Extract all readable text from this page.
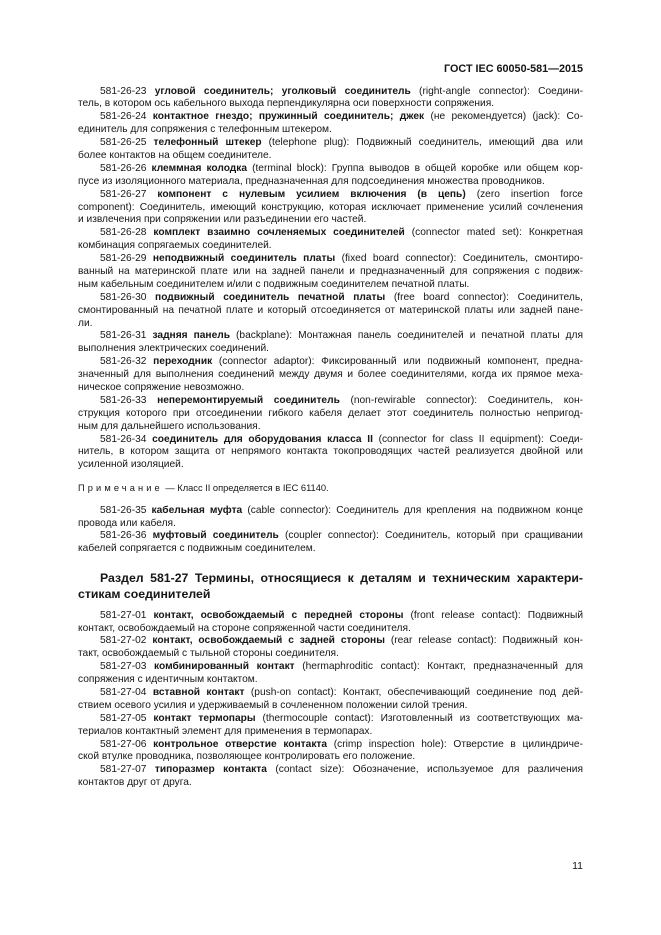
ГОСТ IEC 60050-581—2015
581-26-23 угловой соединитель; уголковый соединитель (right-angle connector): Соедини-
тель, в котором ось кабельного выхода перпендикулярна оси поверхности сопряжения.
581-26-24 контактное гнездо; пружинный соединитель; джек (не рекомендуется) (jack): Со-
единитель для сопряжения с телефонным штекером.
581-26-25 телефонный штекер (telephone plug): Подвижный соединитель, имеющий два или
более контактов на общем соединителе.
581-26-26 клеммная колодка (terminal block): Группа выводов в общей коробке или общем кор-
пусе из изоляционного материала, предназначенная для подсоединения множества проводников.
581-26-27 компонент с нулевым усилием включения (в цепь) (zero insertion force
component): Соединитель, имеющий конструкцию, которая исключает применение усилий сочленения
и извлечения при сопряжении или разъединении его частей.
581-26-28 комплект взаимно сочленяемых соединителей (connector mated set): Конкретная
комбинация сопрягаемых соединителей.
581-26-29 неподвижный соединитель платы (fixed board connector): Соединитель, смонтиро-
ванный на материнской плате или на задней панели и предназначенный для сопряжения с подвиж-
ным кабельным соединителем и/или с подвижным соединителем печатной платы.
581-26-30 подвижный соединитель печатной платы (free board connector): Соединитель,
смонтированный на печатной плате и который отсоединяется от материнской платы или задней пане-
ли.
581-26-31 задняя панель (backplane): Монтажная панель соединителей и печатной платы для
выполнения электрических соединений.
581-26-32 переходник (connector adaptor): Фиксированный или подвижный компонент, предна-
значенный для выполнения соединений между двумя и более соединителями, когда их прямое меха-
ническое сопряжение невозможно.
581-26-33 неперемонтируемый соединитель (non-rewirable connector): Соединитель, кон-
струкция которого при отсоединении гибкого кабеля делает этот соединитель полностью непригод-
ным для дальнейшего использования.
581-26-34 соединитель для оборудования класса II (connector for class II equipment): Соеди-
нитель, в котором защита от непрямого контакта токопроводящих частей реализуется двойной или
усиленной изоляцией.
Примечание — Класс II определяется в IEC 61140.
581-26-35 кабельная муфта (cable connector): Соединитель для крепления на подвижном конце
провода или кабеля.
581-26-36 муфтовый соединитель (coupler connector): Соединитель, который при сращивании
кабелей сопрягается с подвижным соединителем.
Раздел 581-27 Термины, относящиеся к деталям и техническим характери-
стикам соединителей
581-27-01 контакт, освобождаемый с передней стороны (front release contact): Подвижный
контакт, освобождаемый на стороне сопряженной части соединителя.
581-27-02 контакт, освобождаемый с задней стороны (rear release contact): Подвижный кон-
такт, освобождаемый с тыльной стороны соединителя.
581-27-03 комбинированный контакт (hermaphroditic contact): Контакт, предназначенный для
сопряжения с идентичным контактом.
581-27-04 вставной контакт (push-on contact): Контакт, обеспечивающий соединение под дей-
ствием осевого усилия и удерживаемый в сочлененном положении силой трения.
581-27-05 контакт термопары (thermocouple contact): Изготовленный из соответствующих ма-
териалов контактный элемент для применения в термопарах.
581-27-06 контрольное отверстие контакта (crimp inspection hole): Отверстие в цилиндриче-
ской втулке проводника, позволяющее контролировать его положение.
581-27-07 типоразмер контакта (contact size): Обозначение, используемое для различения
контактов друг от друга.
11
